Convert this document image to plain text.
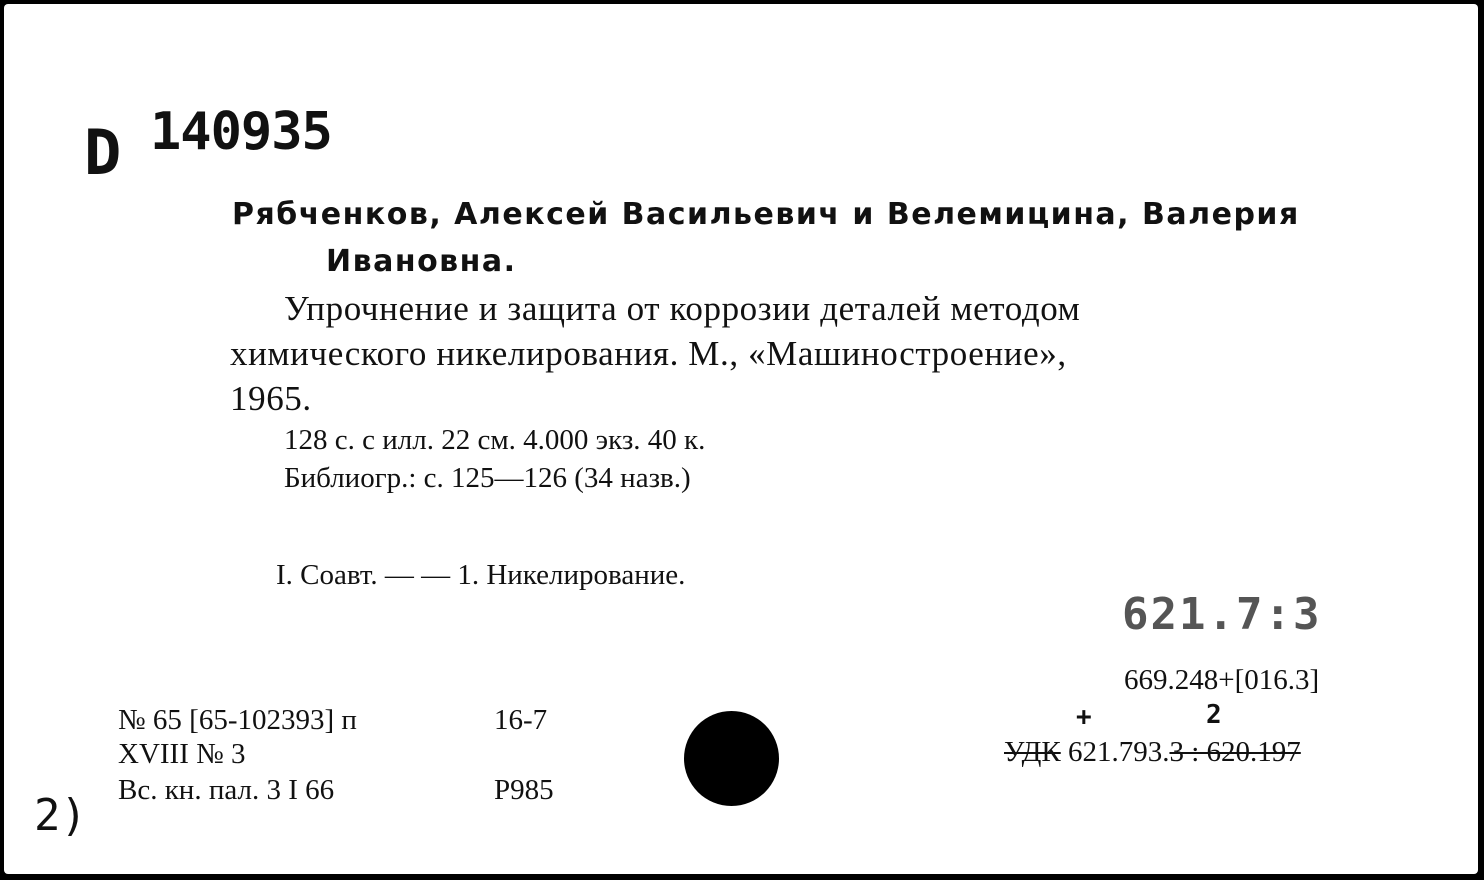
D 140935
Рябченков, Алексей Васильевич и Велемицина, Валерия
Ивановна.
Упрочнение и защита от коррозии деталей методом
химического никелирования. М., «Машиностроение»,
1965.
128 с. с илл. 22 см. 4.000 экз. 40 к.
Библиогр.: с. 125—126 (34 назв.)
I. Соавт. — — 1. Никелирование.
621.7:3
669.248+[016.3]
+	2
УДК 621.793.3 : 620.197
№ 65 [65-102393] п	16-7
XVIII № 3
Вс. кн. пал. 3 I 66	P985
2)
